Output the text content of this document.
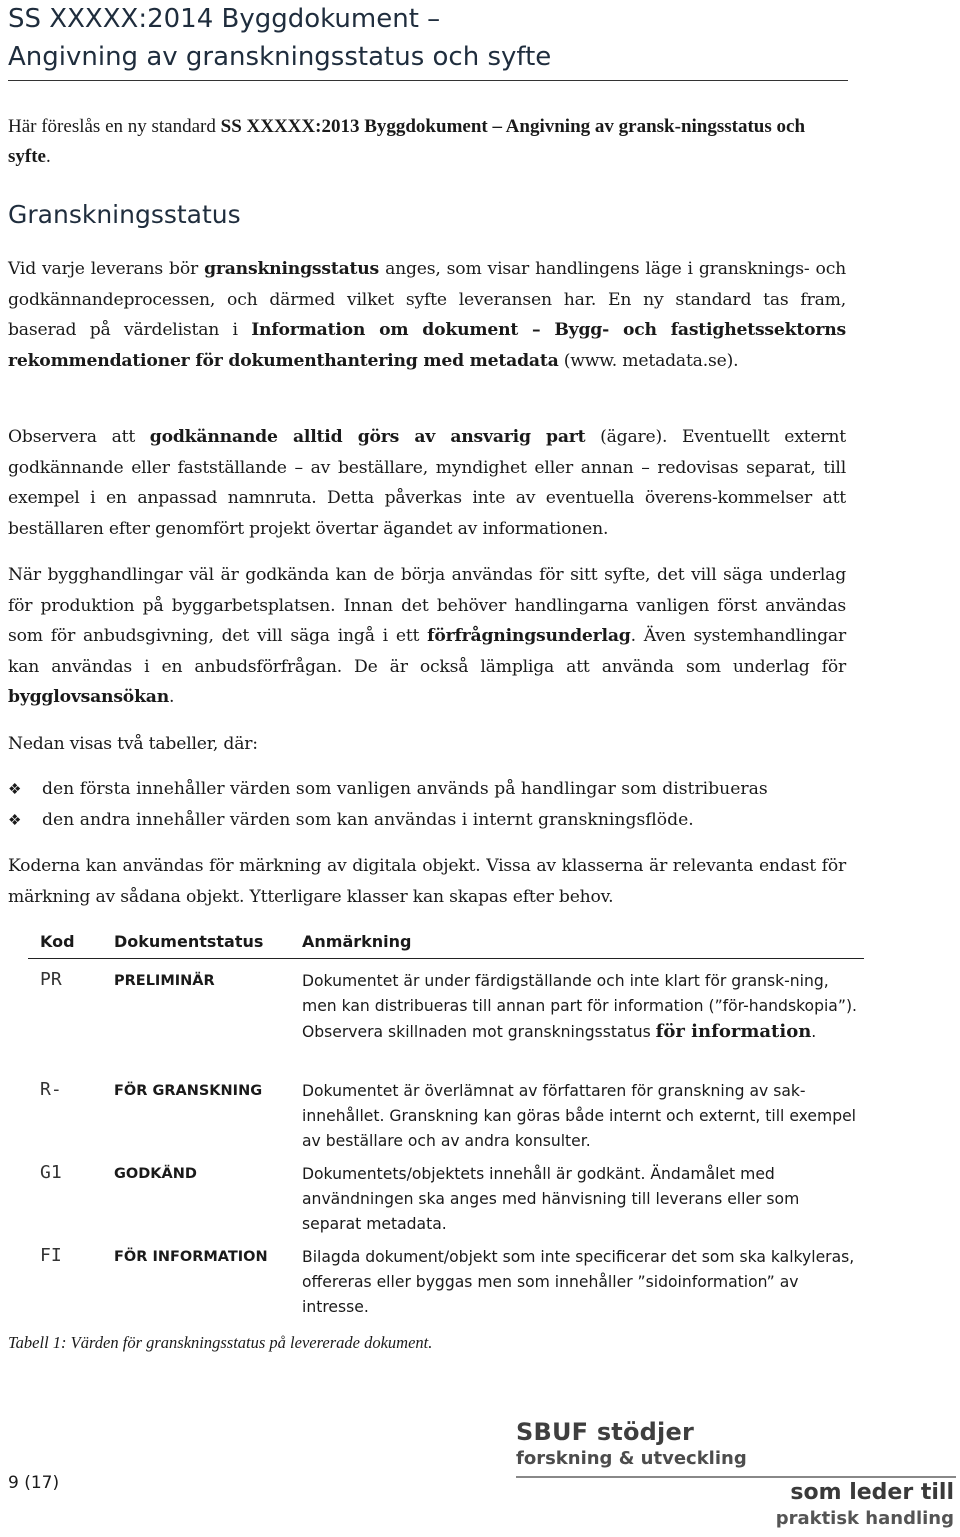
SS XXXXX:2014 Byggdokument –
Angivning av granskningsstatus och syfte
Här föreslås en ny standard SS XXXXX:2013 Byggdokument – Angivning av gransk-ningsstatus och syfte.
Granskningsstatus
Vid varje leverans bör granskningsstatus anges, som visar handlingens läge i gransknings- och godkännandeprocessen, och därmed vilket syfte leveransen har. En ny standard tas fram, baserad på värdelistan i Information om dokument – Bygg- och fastighetssektorns rekommendationer för dokumenthantering med metadata (www. metadata.se).
Observera att godkännande alltid görs av ansvarig part (ägare). Eventuellt externt godkännande eller fastställande – av beställare, myndighet eller annan – redovisas separat, till exempel i en anpassad namnruta. Detta påverkas inte av eventuella överens-kommelser att beställaren efter genomfört projekt övertar ägandet av informationen.
När bygghandlingar väl är godkända kan de börja användas för sitt syfte, det vill säga underlag för produktion på byggarbetsplatsen. Innan det behöver handlingarna vanligen först användas som för anbudsgivning, det vill säga ingå i ett förfrågningsunderlag. Även systemhandlingar kan användas i en anbudsförfrågan. De är också lämpliga att använda som underlag för bygglovsansökan.
Nedan visas två tabeller, där:
❖	den första innehåller värden som vanligen används på handlingar som distribueras
❖	den andra innehåller värden som kan användas i internt granskningsflöde.
Koderna kan användas för märkning av digitala objekt. Vissa av klasserna är relevanta endast för märkning av sådana objekt. Ytterligare klasser kan skapas efter behov.
Kod	Dokumentstatus	Anmärkning
PR	PRELIMINÄR	Dokumentet är under färdigställande och inte klart för gransk-ning, men kan distribueras till annan part för information (”för-handskopia”). Observera skillnaden mot granskningsstatus för information.
R-	FÖR GRANSKNING	Dokumentet är överlämnat av författaren för granskning av sak-innehållet. Granskning kan göras både internt och externt, till exempel av beställare och av andra konsulter.
G1	GODKÄND	Dokumentets/objektets innehåll är godkänt. Ändamålet med användningen ska anges med hänvisning till leverans eller som separat metadata.
FI	FÖR INFORMATION	Bilagda dokument/objekt som inte specificerar det som ska kalkyleras, offereras eller byggas men som innehåller ”sidoinformation” av intresse.
Tabell 1: Värden för granskningsstatus på levererade dokument.
9 (17)
SBUF stödjer
forskning & utveckling
som leder till
praktisk handling
